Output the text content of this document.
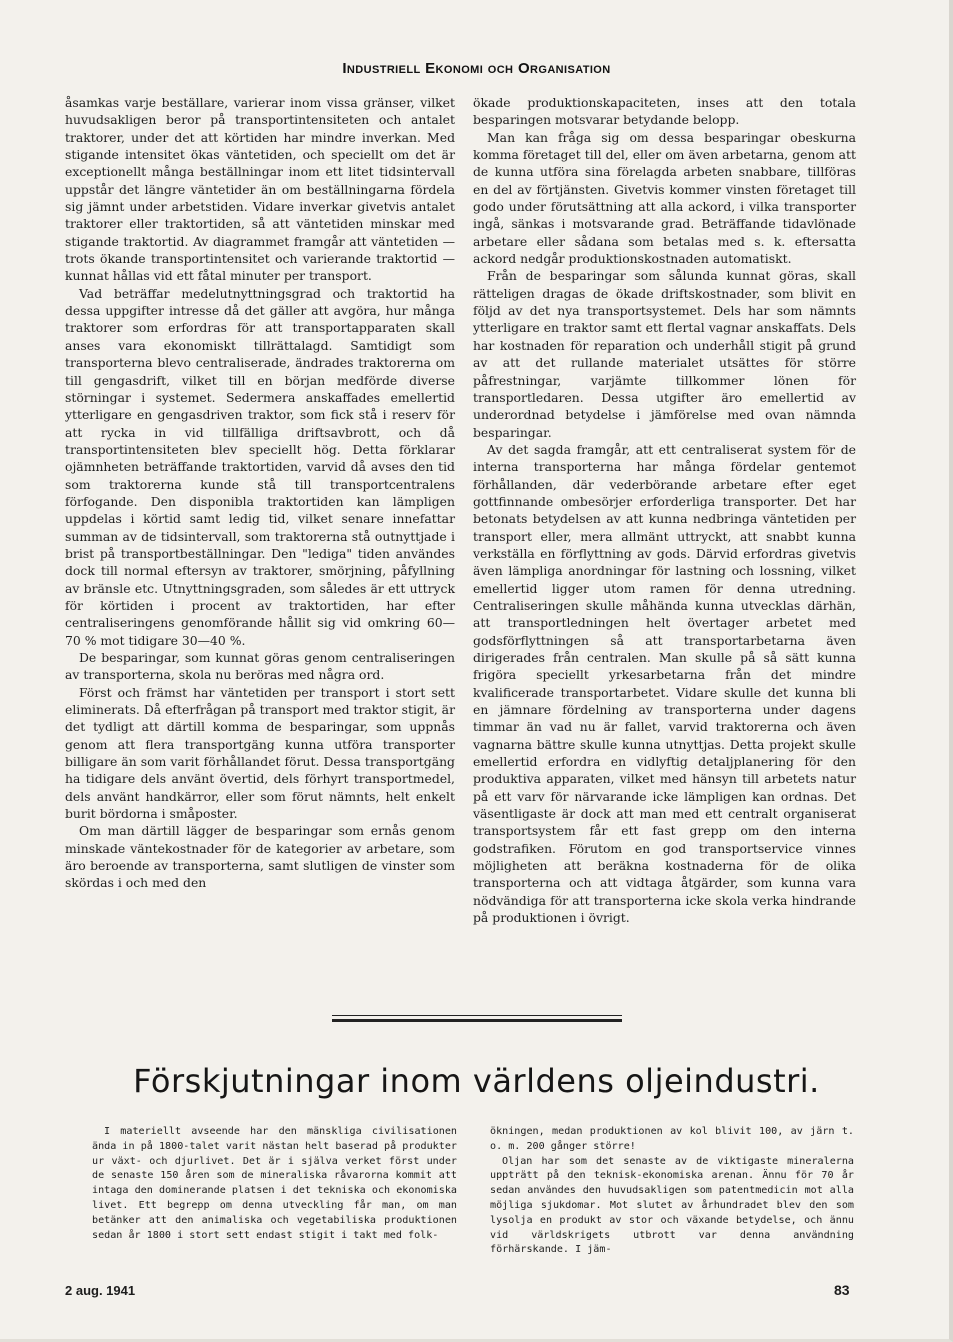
Industriell Ekonomi och Organisation

åsamkas varje beställare, varierar inom vissa gränser, vilket huvudsakligen beror på transportintensiteten och antalet traktorer, under det att körtiden har mindre inverkan. Med stigande intensitet ökas väntetiden, och speciellt om det är exceptionellt många beställningar inom ett litet tidsintervall uppstår det längre väntetider än om beställningarna fördela sig jämnt under arbetstiden. Vidare inverkar givetvis antalet traktorer eller traktortiden, så att väntetiden minskar med stigande traktortid. Av diagrammet framgår att väntetiden — trots ökande transportintensitet och varierande traktortid — kunnat hållas vid ett fåtal minuter per transport.

Vad beträffar medelutnyttningsgrad och traktortid ha dessa uppgifter intresse då det gäller att avgöra, hur många traktorer som erfordras för att transportapparaten skall anses vara ekonomiskt tillrättalagd. Samtidigt som transporterna blevo centraliserade, ändrades traktorerna om till gengasdrift, vilket till en början medförde diverse störningar i systemet. Sedermera anskaffades emellertid ytterligare en gengasdriven traktor, som fick stå i reserv för att rycka in vid tillfälliga driftsavbrott, och då transportintensiteten blev speciellt hög. Detta förklarar ojämnheten beträffande traktortiden, varvid då avses den tid som traktorerna kunde stå till transportcentralens förfogande. Den disponibla traktortiden kan lämpligen uppdelas i körtid samt ledig tid, vilket senare innefattar summan av de tidsintervall, som traktorerna stå outnyttjade i brist på transportbeställningar. Den "lediga" tiden användes dock till normal eftersyn av traktorer, smörjning, påfyllning av bränsle etc. Utnyttningsgraden, som således är ett uttryck för körtiden i procent av traktortiden, har efter centraliseringens genomförande hållit sig vid omkring 60—70 % mot tidigare 30—40 %.

De besparingar, som kunnat göras genom centraliseringen av transporterna, skola nu beröras med några ord.

Först och främst har väntetiden per transport i stort sett eliminerats. Då efterfrågan på transport med traktor stigit, är det tydligt att därtill komma de besparingar, som uppnås genom att flera transportgäng kunna utföra transporter billigare än som varit förhållandet förut. Dessa transportgäng ha tidigare dels använt övertid, dels förhyrt transportmedel, dels använt handkärror, eller som förut nämnts, helt enkelt burit bördorna i småposter.

Om man därtill lägger de besparingar som ernås genom minskade väntekostnader för de kategorier av arbetare, som äro beroende av transporterna, samt slutligen de vinster som skördas i och med den

ökade produktionskapaciteten, inses att den totala besparingen motsvarar betydande belopp.

Man kan fråga sig om dessa besparingar obeskurna komma företaget till del, eller om även arbetarna, genom att de kunna utföra sina förelagda arbeten snabbare, tillföras en del av förtjänsten. Givetvis kommer vinsten företaget till godo under förutsättning att alla ackord, i vilka transporter ingå, sänkas i motsvarande grad. Beträffande tidavlönade arbetare eller sådana som betalas med s. k. eftersatta ackord nedgår produktionskostnaden automatiskt.

Från de besparingar som sålunda kunnat göras, skall rätteligen dragas de ökade driftskostnader, som blivit en följd av det nya transportsystemet. Dels har som nämnts ytterligare en traktor samt ett flertal vagnar anskaffats. Dels har kostnaden för reparation och underhåll stigit på grund av att det rullande materialet utsättes för större påfrestningar, varjämte tillkommer lönen för transportledaren. Dessa utgifter äro emellertid av underordnad betydelse i jämförelse med ovan nämnda besparingar.

Av det sagda framgår, att ett centraliserat system för de interna transporterna har många fördelar gentemot förhållanden, där vederbörande arbetare efter eget gottfinnande ombesörjer erforderliga transporter. Det har betonats betydelsen av att kunna nedbringa väntetiden per transport eller, mera allmänt uttryckt, att snabbt kunna verkställa en förflyttning av gods. Därvid erfordras givetvis även lämpliga anordningar för lastning och lossning, vilket emellertid ligger utom ramen för denna utredning. Centraliseringen skulle måhända kunna utvecklas därhän, att transportledningen helt övertager arbetet med godsförflyttningen så att transportarbetarna även dirigerades från centralen. Man skulle på så sätt kunna frigöra speciellt yrkesarbetarna från det mindre kvalificerade transportarbetet. Vidare skulle det kunna bli en jämnare fördelning av transporterna under dagens timmar än vad nu är fallet, varvid traktorerna och även vagnarna bättre skulle kunna utnyttjas. Detta projekt skulle emellertid erfordra en vidlyftig detaljplanering för den produktiva apparaten, vilket med hänsyn till arbetets natur på ett varv för närvarande icke lämpligen kan ordnas. Det väsentligaste är dock att man med ett centralt organiserat transportsystem får ett fast grepp om den interna godstrafiken. Förutom en god transportservice vinnes möjligheten att beräkna kostnaderna för de olika transporterna och att vidtaga åtgärder, som kunna vara nödvändiga för att transporterna icke skola verka hindrande på produktionen i övrigt.

Förskjutningar inom världens oljeindustri.

I materiellt avseende har den mänskliga civilisationen ända in på 1800-talet varit nästan helt baserad på produkter ur växt- och djurlivet. Det är i själva verket först under de senaste 150 åren som de mineraliska råvarorna kommit att intaga den dominerande platsen i det tekniska och ekonomiska livet. Ett begrepp om denna utveckling får man, om man betänker att den animaliska och vegetabiliska produktionen sedan år 1800 i stort sett endast stigit i takt med folk-

ökningen, medan produktionen av kol blivit 100, av järn t. o. m. 200 gånger större!

Oljan har som det senaste av de viktigaste mineralerna uppträtt på den teknisk-ekonomiska arenan. Ännu för 70 år sedan användes den huvudsakligen som patentmedicin mot alla möjliga sjukdomar. Mot slutet av århundradet blev den som lysolja en produkt av stor och växande betydelse, och ännu vid världskrigets utbrott var denna användning förhärskande. I jäm-

2 aug. 1941	83
